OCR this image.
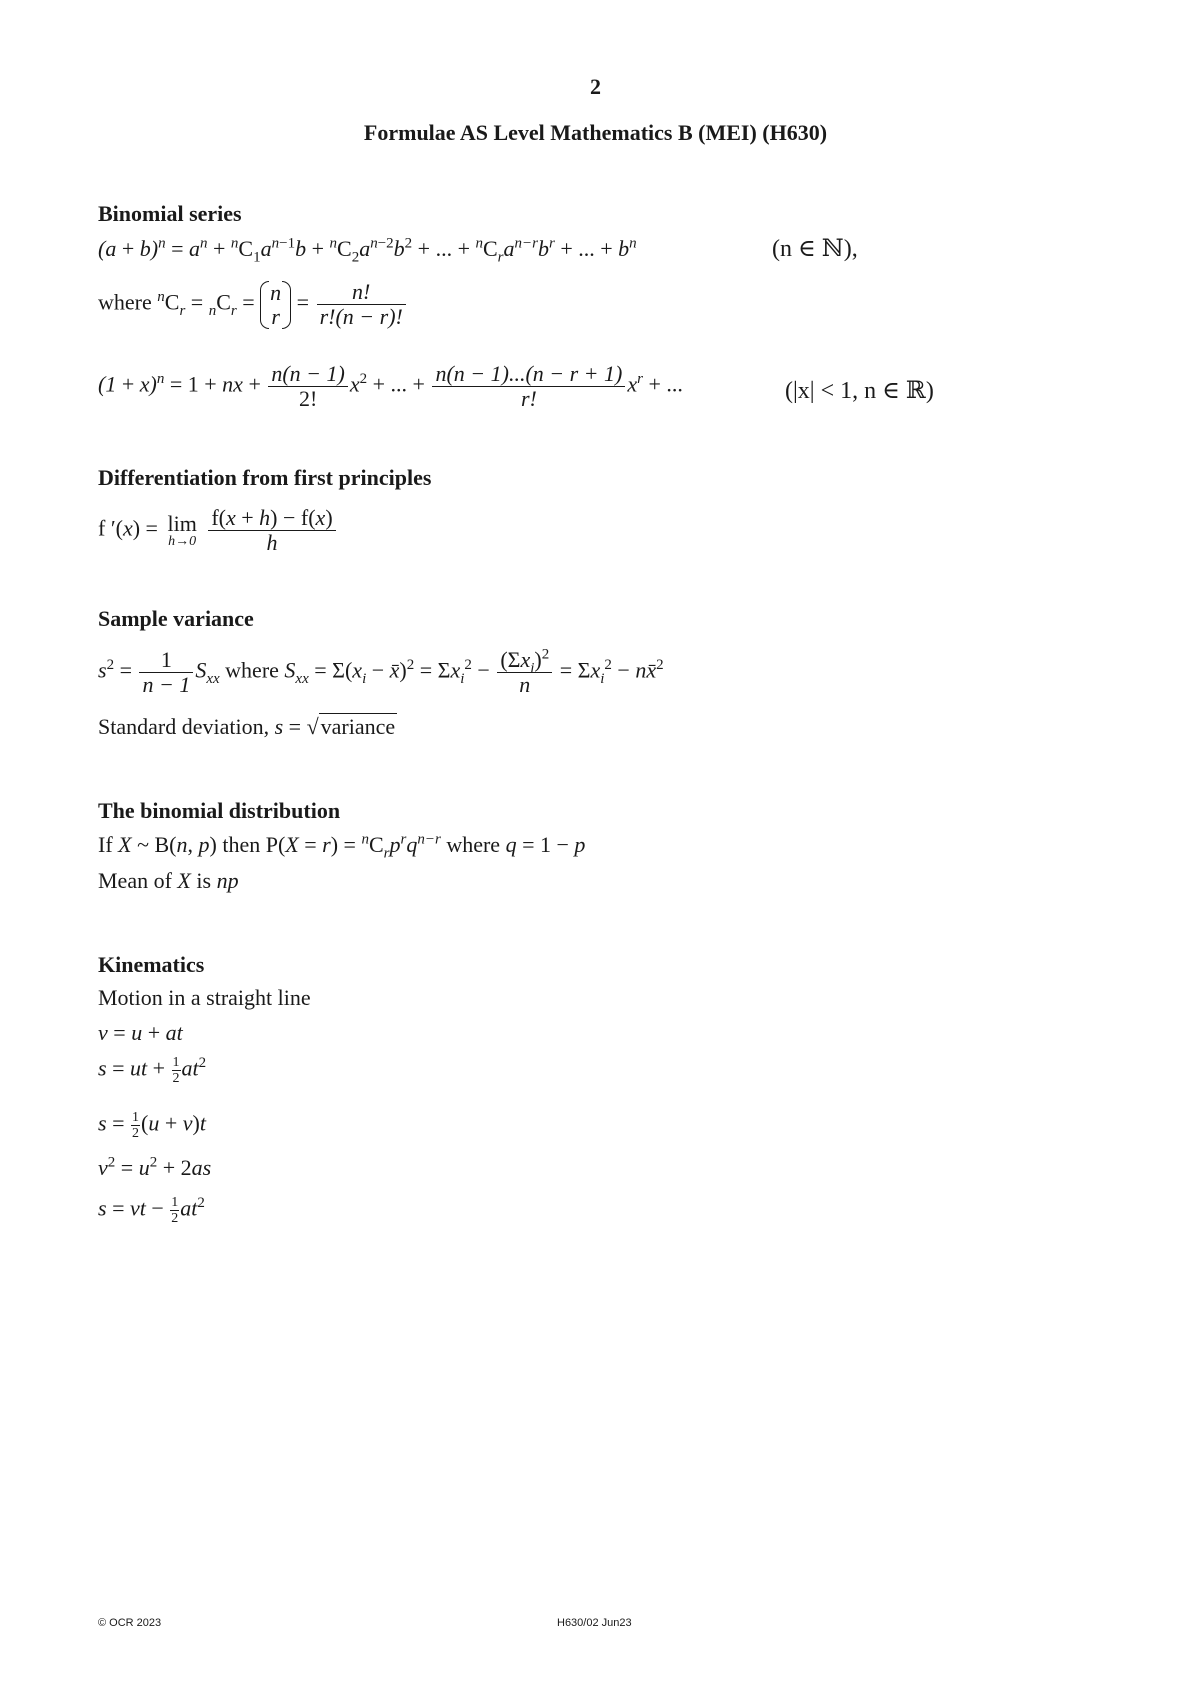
2
Formulae AS Level Mathematics B (MEI) (H630)
Binomial series
$(a + b)^n = a^n + ^nC_1a^{n-1}b + ^nC_2a^{n-2}b^2$ + ... + $^nC_ra^{n-r}b^r$ + ... + $b^n$	(n ∈ ℕ),
where $^nC_r = _nC_r = n$
r
= $\frac{n!}{r!(n - r)!}$
$(1 + x)^n = 1$ + nx + $\frac{n(n - 1)}{2!} x^2$ + ... + $\frac{n(n - 1)...(n - r + 1)}{r!} x^r$ + ...	(|x| < 1, n ∈ ℝ)
Differentiation from first principles
f ′(x) = lim
h→0
$\frac{f(x + h) - f(x)}{h}$
Sample variance
$s^2 = \frac{1}{n - 1} S_{xx}$ where $S_{xx} = \Sigma(x_i$ − x̄)$^2$ = $\Sigma x_i^2 - \frac{(\Sigma x_i)^2}{n} = \Sigma x_i^2$ − nx̄$^2$
Standard deviation, s = √variance
The binomial distribution
If X ~ B(n, p) then $P(X = r) = ^nC_rp^rq^{n-r}$ where q = 1 − p
Mean of X is np
Kinematics
Motion in a straight line
v = u + at
s = ut + $\frac{1}{2} at^2$
$s = \frac{1}{2} (u + v)t$
$v^2 = u^2 + 2as$
s = vt − $\frac{1}{2} at^2$
© OCR 2023	H630/02 Jun23
